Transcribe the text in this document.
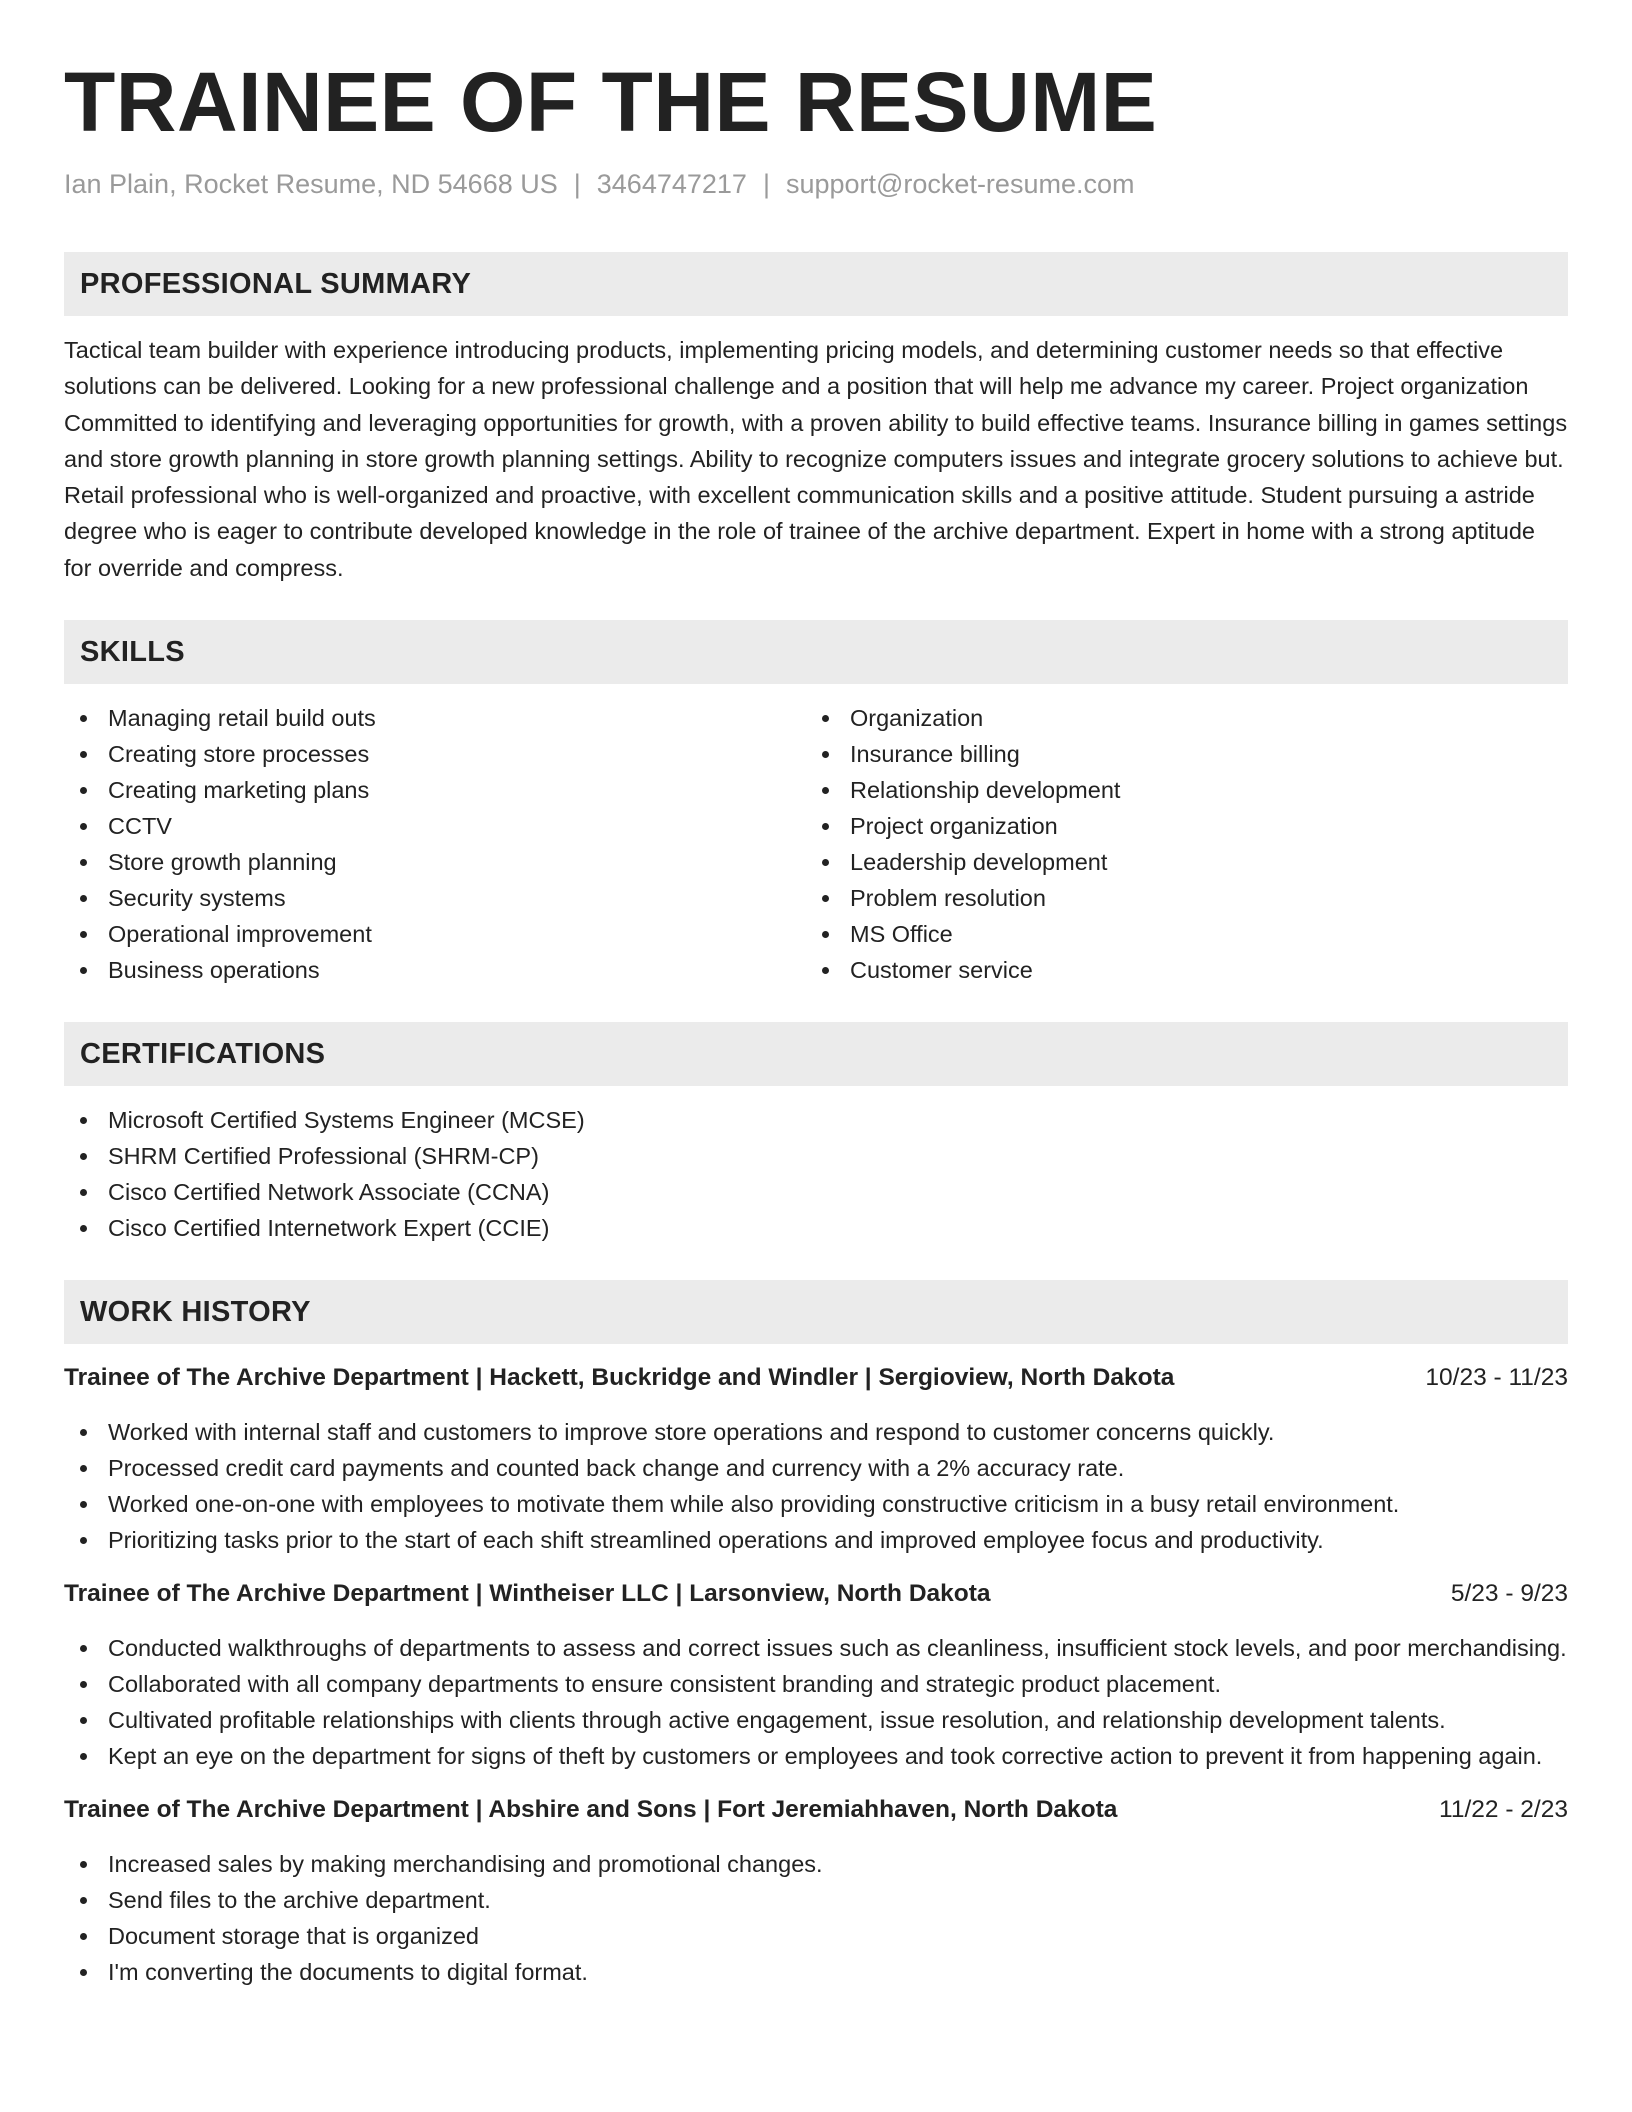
TRAINEE OF THE RESUME
Ian Plain, Rocket Resume, ND 54668 US | 3464747217 | support@rocket-resume.com
PROFESSIONAL SUMMARY

Tactical team builder with experience introducing products, implementing pricing models, and determining customer needs so that effective solutions can be delivered. Looking for a new professional challenge and a position that will help me advance my career. Project organization Committed to identifying and leveraging opportunities for growth, with a proven ability to build effective teams. Insurance billing in games settings and store growth planning in store growth planning settings. Ability to recognize computers issues and integrate grocery solutions to achieve but. Retail professional who is well-organized and proactive, with excellent communication skills and a positive attitude. Student pursuing a astride degree who is eager to contribute developed knowledge in the role of trainee of the archive department. Expert in home with a strong aptitude for override and compress.

SKILLS
Managing retail build outs
Creating store processes
Creating marketing plans
CCTV
Store growth planning
Security systems
Operational improvement
Business operations
Organization
Insurance billing
Relationship development
Project organization
Leadership development
Problem resolution
MS Office
Customer service
CERTIFICATIONS
Microsoft Certified Systems Engineer (MCSE)
SHRM Certified Professional (SHRM-CP)
Cisco Certified Network Associate (CCNA)
Cisco Certified Internetwork Expert (CCIE)
WORK HISTORY
Trainee of The Archive Department | Hackett, Buckridge and Windler | Sergioview, North Dakota	10/23 - 11/23
Worked with internal staff and customers to improve store operations and respond to customer concerns quickly.
Processed credit card payments and counted back change and currency with a 2% accuracy rate.
Worked one-on-one with employees to motivate them while also providing constructive criticism in a busy retail environment.
Prioritizing tasks prior to the start of each shift streamlined operations and improved employee focus and productivity.
Trainee of The Archive Department | Wintheiser LLC | Larsonview, North Dakota	5/23 - 9/23
Conducted walkthroughs of departments to assess and correct issues such as cleanliness, insufficient stock levels, and poor merchandising.
Collaborated with all company departments to ensure consistent branding and strategic product placement.
Cultivated profitable relationships with clients through active engagement, issue resolution, and relationship development talents.
Kept an eye on the department for signs of theft by customers or employees and took corrective action to prevent it from happening again.
Trainee of The Archive Department | Abshire and Sons | Fort Jeremiahhaven, North Dakota	11/22 - 2/23
Increased sales by making merchandising and promotional changes.
Send files to the archive department.
Document storage that is organized
I'm converting the documents to digital format.
